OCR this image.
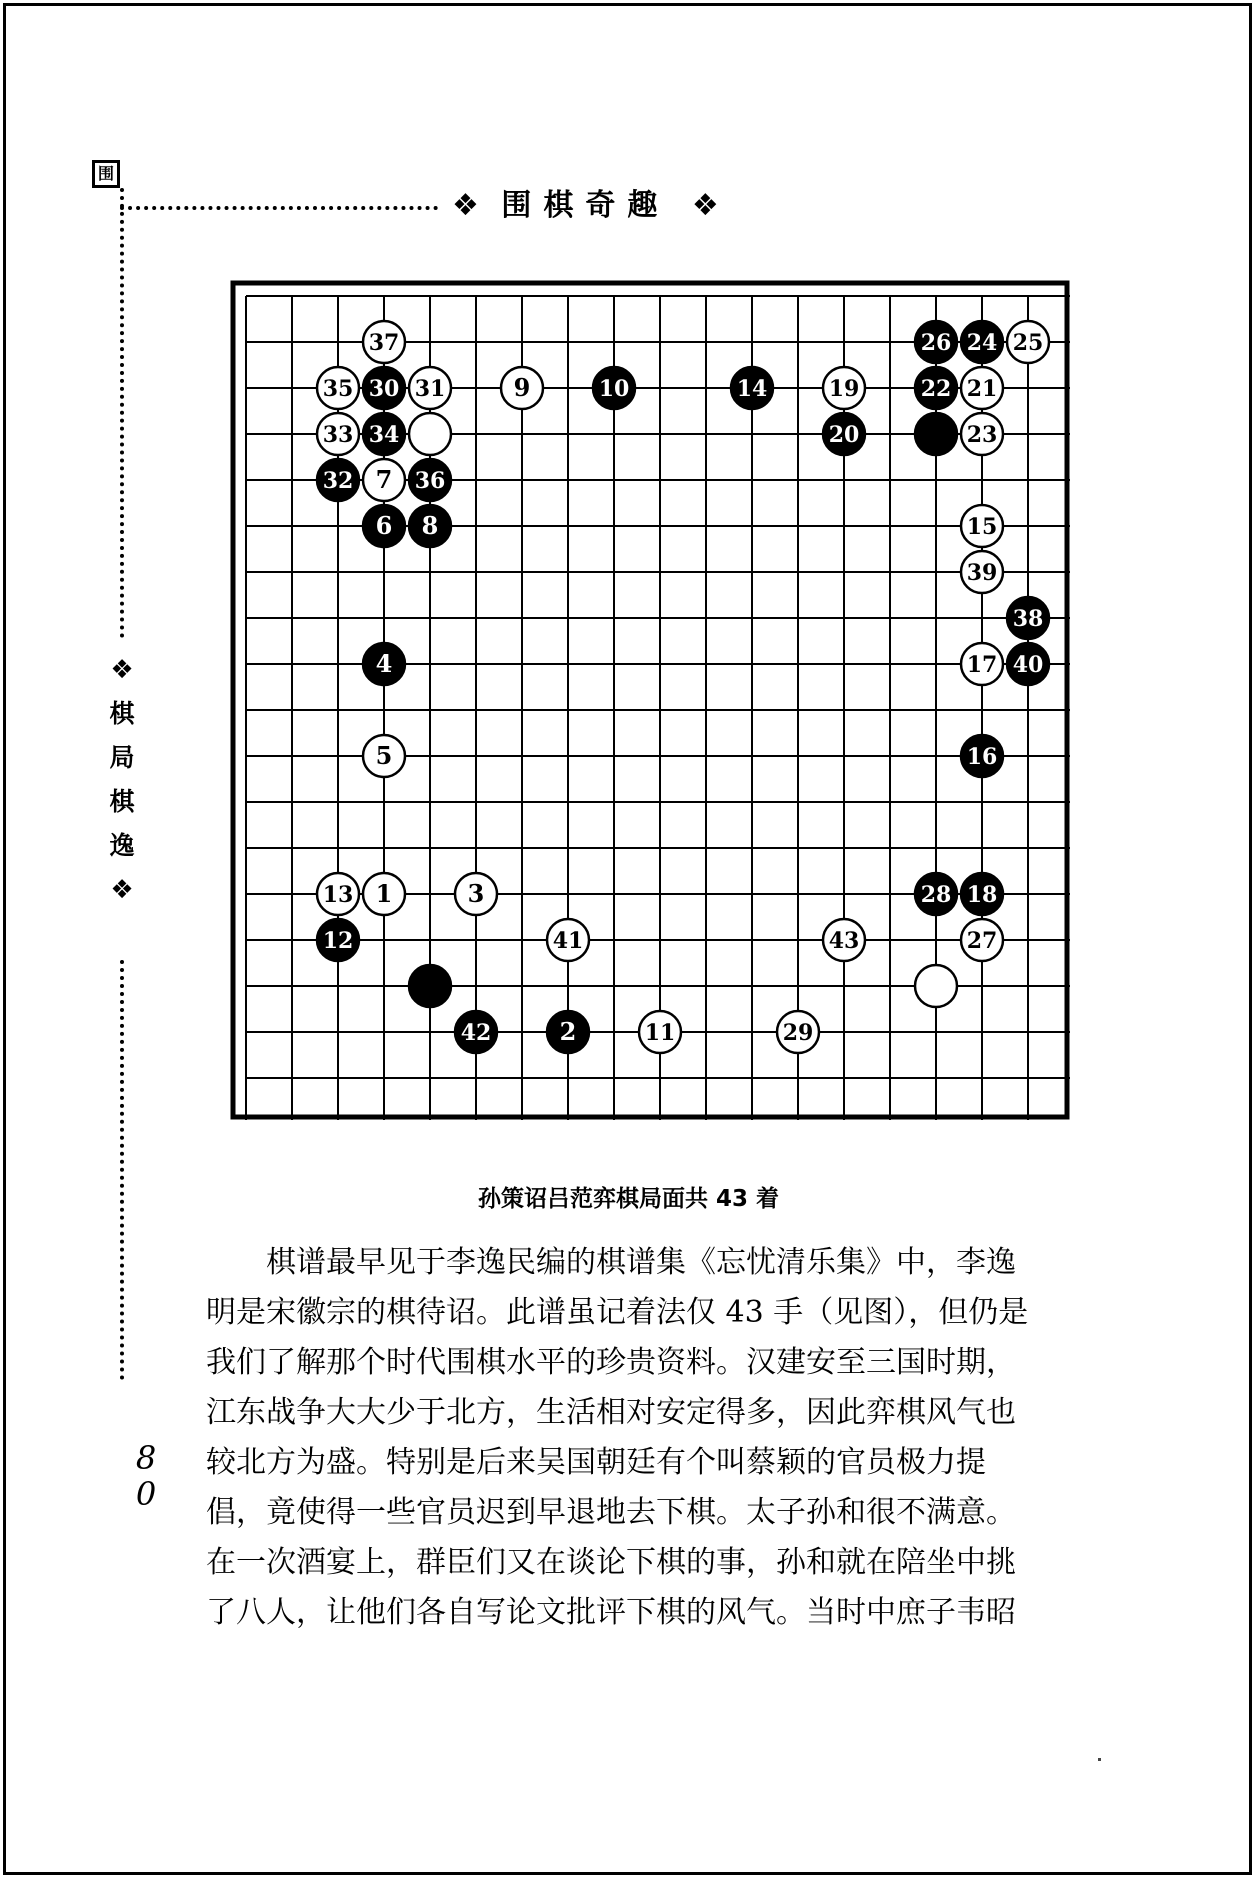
围
❖ 围棋奇趣 ❖
❖
棋
局
棋
逸
❖
8
0
37	26 24 25
35 30 31	9	10	14	19	22 21
33 34	20	23
32 7 36
6 8	15
39
38
4	17 40
5	16
13 1	3	28 18
12	41	43	27
42	2	11	29
孙策诏吕范弈棋局面共 43 着
棋谱最早见于李逸民编的棋谱集《忘忧清乐集》中，李逸
明是宋徽宗的棋待诏。此谱虽记着法仅 43 手（见图），但仍是
我们了解那个时代围棋水平的珍贵资料。汉建安至三国时期，
江东战争大大少于北方，生活相对安定得多，因此弈棋风气也
较北方为盛。特别是后来吴国朝廷有个叫蔡颖的官员极力提
倡，竟使得一些官员迟到早退地去下棋。太子孙和很不满意。
在一次酒宴上，群臣们又在谈论下棋的事，孙和就在陪坐中挑
了八人，让他们各自写论文批评下棋的风气。当时中庶子韦昭
